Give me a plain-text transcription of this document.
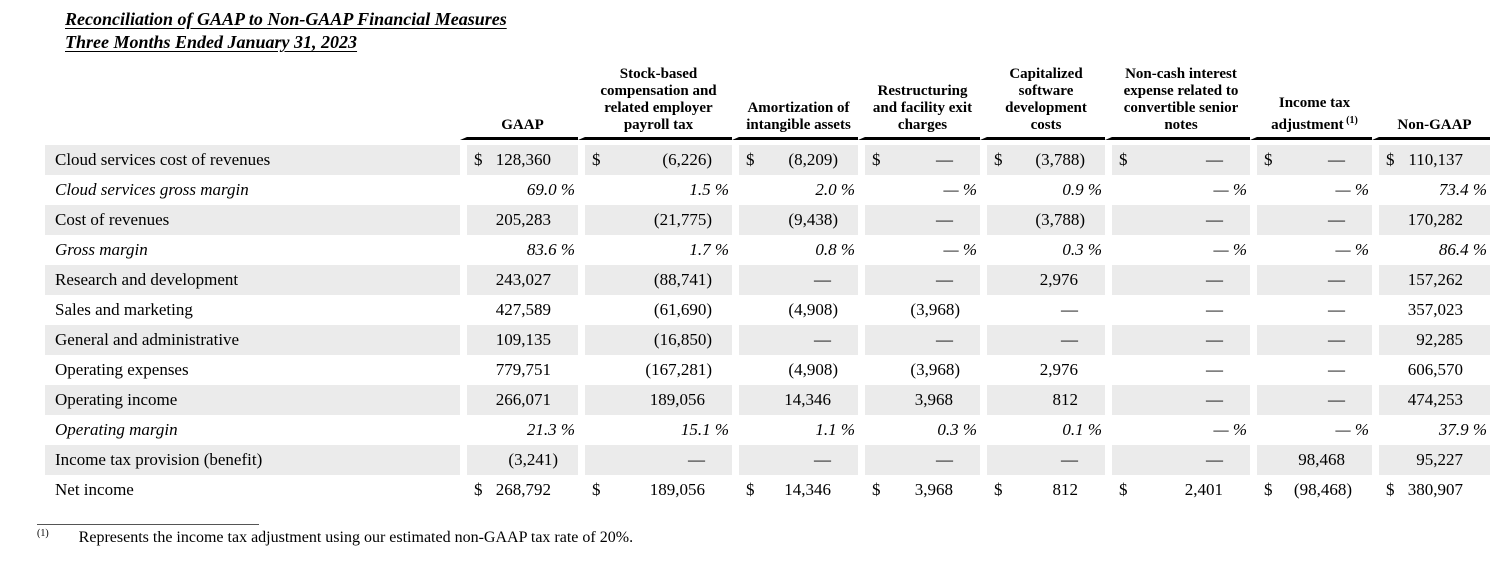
Reconciliation of GAAP to Non-GAAP Financial Measures
Three Months Ended January 31, 2023
	GAAP	Stock-based compensation and related employer payroll tax	Amortization of intangible assets	Restructuring and facility exit charges	Capitalized software development costs	Non-cash interest expense related to convertible senior notes	Income tax adjustment $^{(1)}$	Non-GAAP

Cloud services cost of revenues	$ 128,360	$ (6,226)	$ (8,209)	$ —	$ (3,788)	$ —	$ —	$ 110,137
Cloud services gross margin	69.0 %	1.5 %	2.0 %	— %	0.9 %	— %	— %	73.4 %
Cost of revenues	205,283	(21,775)	(9,438)	—	(3,788)	—	—	170,282
Gross margin	83.6 %	1.7 %	0.8 %	— %	0.3 %	— %	— %	86.4 %
Research and development	243,027	(88,741)	—	—	2,976	—	—	157,262
Sales and marketing	427,589	(61,690)	(4,908)	(3,968)	—	—	—	357,023
General and administrative	109,135	(16,850)	—	—	—	—	—	92,285
Operating expenses	779,751	(167,281)	(4,908)	(3,968)	2,976	—	—	606,570
Operating income	266,071	189,056	14,346	3,968	812	—	—	474,253
Operating margin	21.3 %	15.1 %	1.1 %	0.3 %	0.1 %	— %	— %	37.9 %
Income tax provision (benefit)	(3,241)	—	—	—	—	—	98,468	95,227
Net income	$ 268,792	$ 189,056	$ 14,346	$ 3,968	$ 812	$ 2,401	$ (98,468)	$ 380,907
$^{(1)}$ Represents the income tax adjustment using our estimated non-GAAP tax rate of 20%.
